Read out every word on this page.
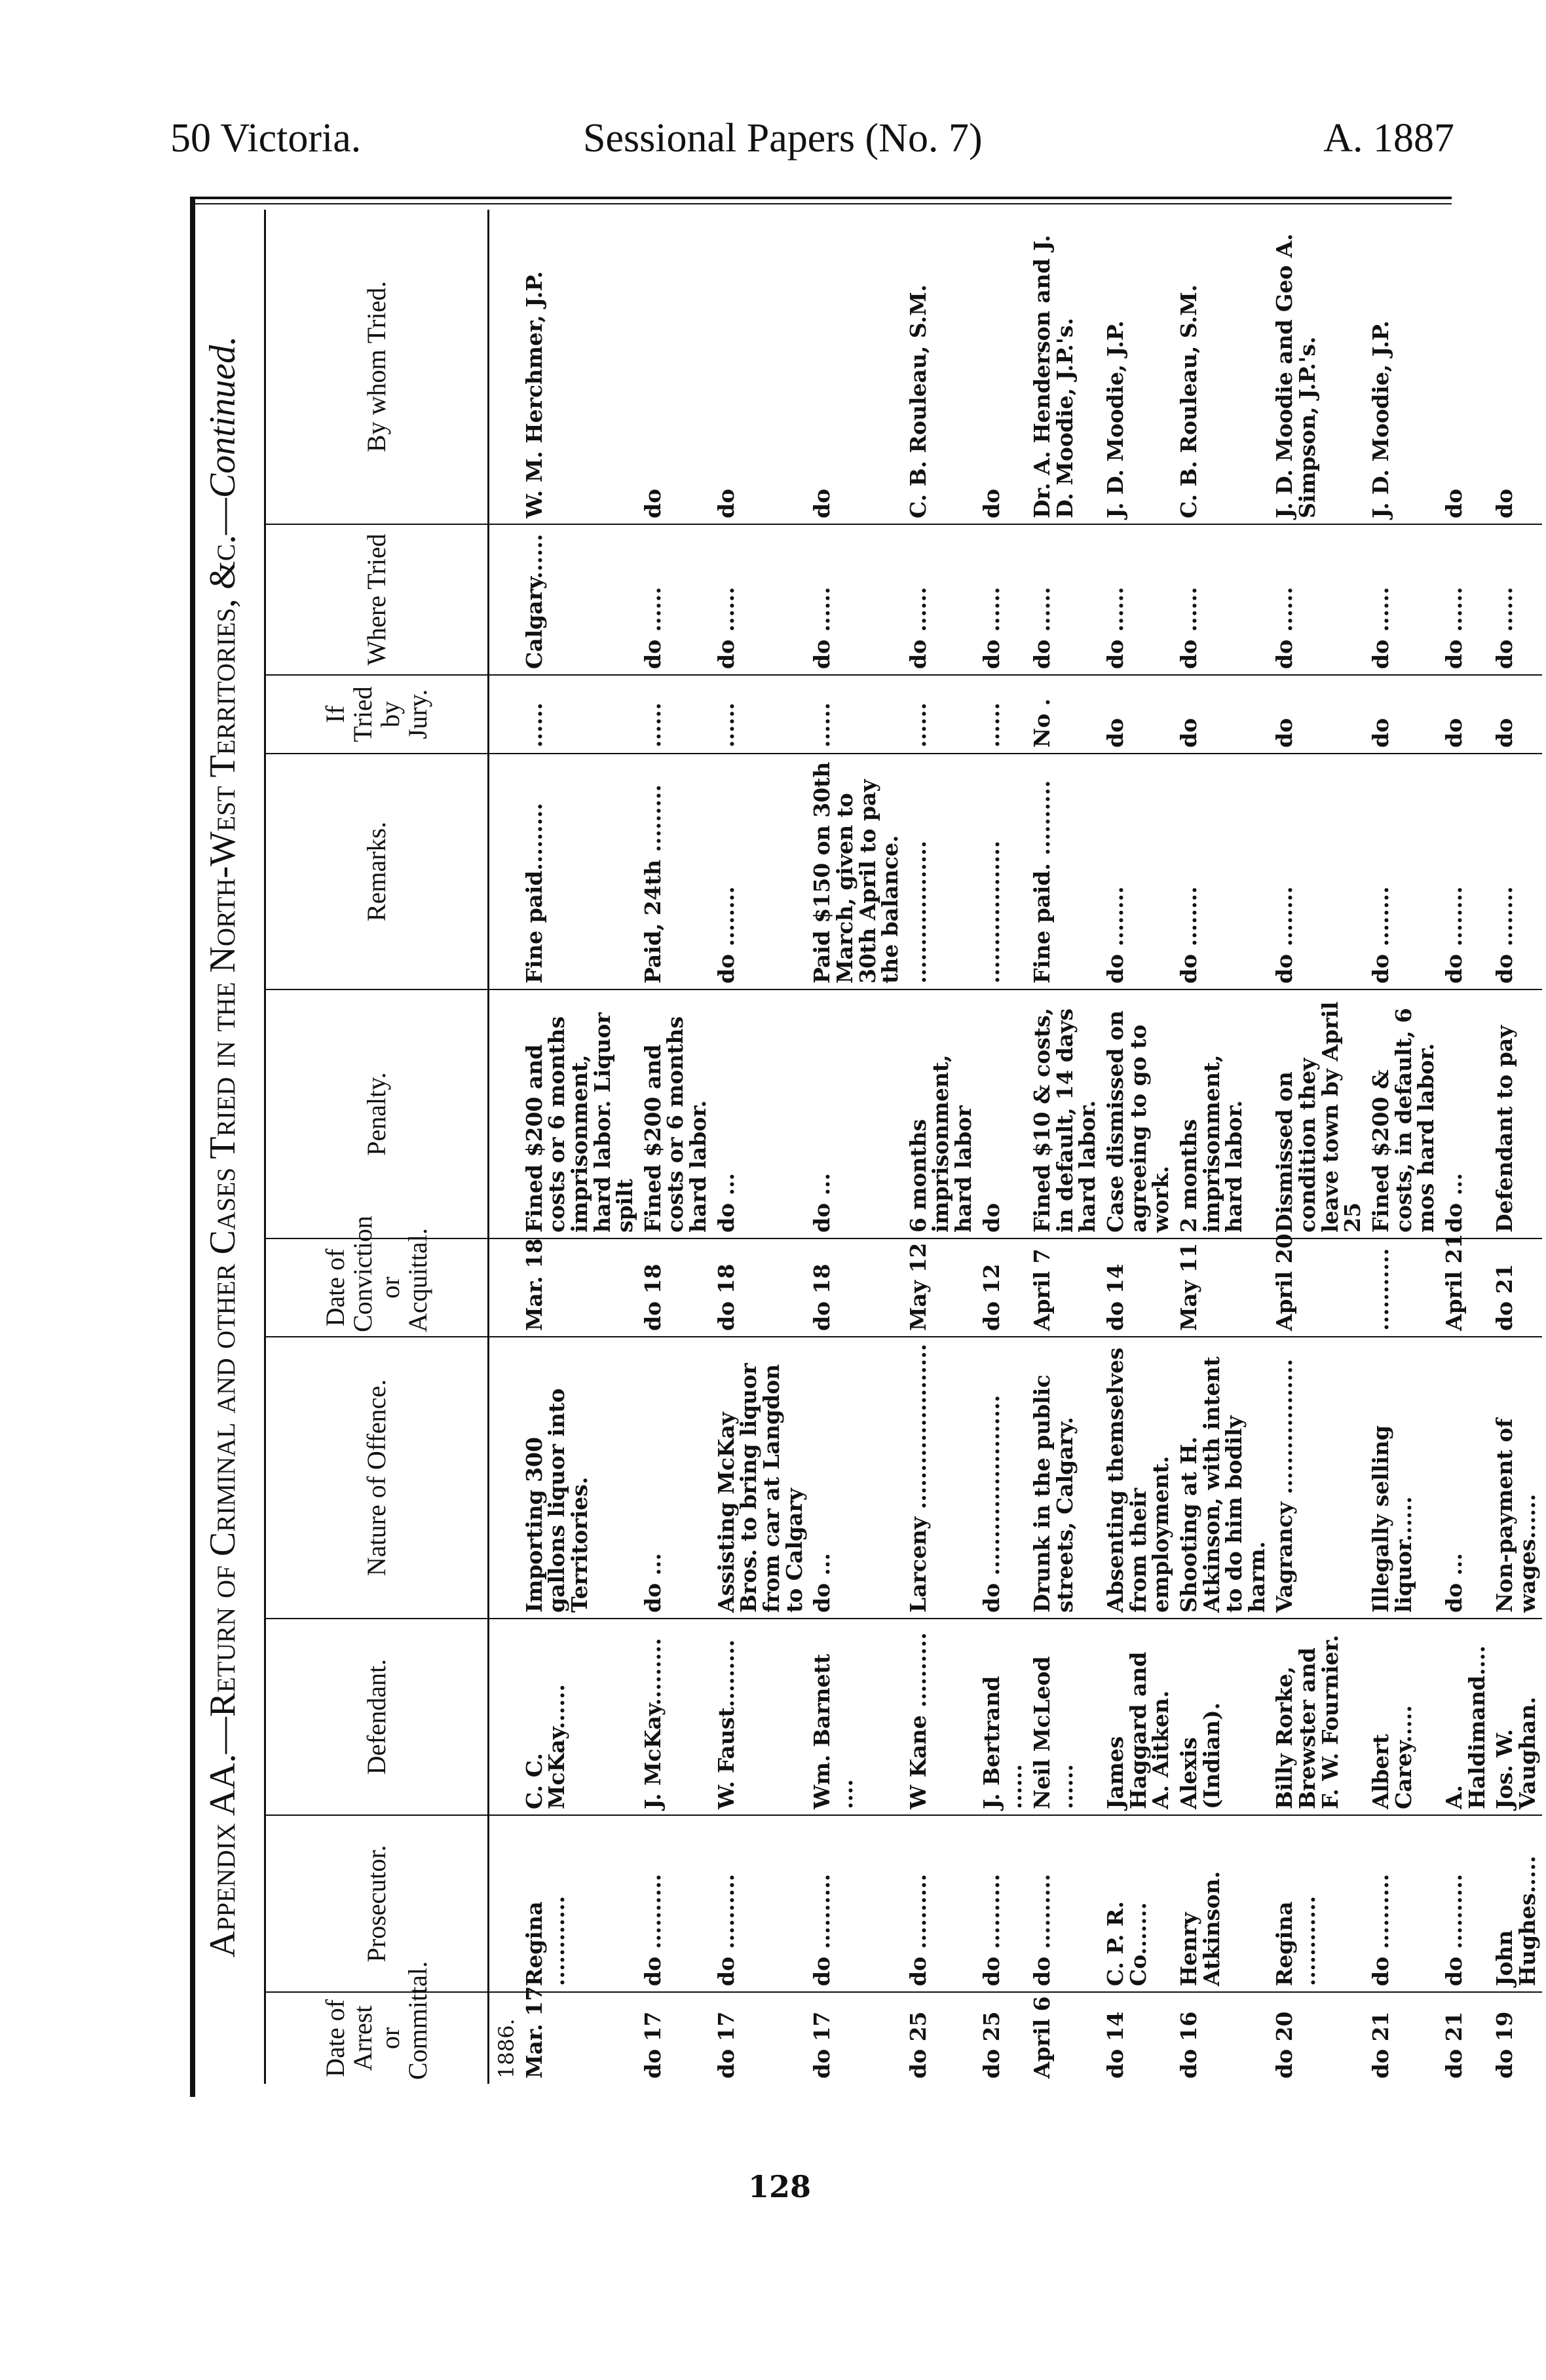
50 Victoria.	Sessional Papers (No. 7)	A. 1887
Appendix AA.—Return of Criminal and other Cases Tried in the North-West Territories, &c.—Continued.
Date of Arrest or Committal.	Prosecutor.	Defendant.	Nature of Offence.	Date of Conviction or Acquittal.	Penalty.	Remarks.	If Tried by Jury.	Where Tried	By whom Tried.
1886.									
Mar. 17	Regina ............	C. C. McKay......	Importing 300 gallons liquor into Territories.	Mar. 18	Fined $200 and costs or 6 months imprisonment, hard labor. Liquor spilt	Fine paid.........	......	Calgary......	W. M. Herchmer, J.P.
do 17	do ..........	J. McKay.........	do ...	do 18	Fined $200 and costs or 6 months hard labor.	Paid, 24th .........	......	do ......	do
do 17	do ..........	W. Faust.........	Assisting McKay Bros. to bring liquor from car at Langdon to Calgary	do 18	do ...	do ........	......	do ......	do
do 17	do ..........	Wm. Barnett ....	do ...	do 18	do ...	Paid $150 on 30th March, given to 30th April to pay the balance.	......	do ......	do
do 25	do ..........	W Kane ..........	Larceny ......................	May 12	6 months imprisonment, hard labor	...................	......	do ......	C. B. Rouleau, S.M.
do 25	do ..........	J. Bertrand ......	do ........................	do 12	do	...................	......	do ......	do
April 6	do ..........	Neil McLeod ......	Drunk in the public streets, Calgary.	April 7	Fined $10 & costs, in default, 14 days hard labor.	Fine paid. ..........	No .	do ......	Dr. A. Henderson and J. D. Moodie, J.P.'s.
do 14	C. P. R. Co.......	James Haggard and A. Aitken.	Absenting themselves from their employment.	do 14	Case dismissed on agreeing to go to work.	do ........	do	do ......	J. D. Moodie, J.P.
do 16	Henry Atkinson.	Alexis (Indian).	Shooting at H. Atkinson, with intent to do him bodily harm.	May 11	2 months imprisonment, hard labor.	do ........	do	do ......	C. B. Rouleau, S.M.
do 20	Regina ............	Billy Rorke, Brewster and F. W. Fournier.	Vagrancy ..................	April 20	Dismissed on condition they leave town by April 25	do ........	do	do ......	J. D. Moodie and Geo A. Simpson, J.P.'s.
do 21	do ..........	Albert Carey.....	Illegally selling liquor......	...........	Fined $200 & costs, in default, 6 mos hard labor.	do ........	do	do ......	J. D. Moodie, J.P.
do 21	do ..........	A. Haldimand....	do ...	April 21	do ...	do ........	do	do ......	do
do 19	John Hughes.....	Jos. W. Vaughan.	Non-payment of wages......	do 21	Defendant to pay	do ........	do	do ......	do
128
